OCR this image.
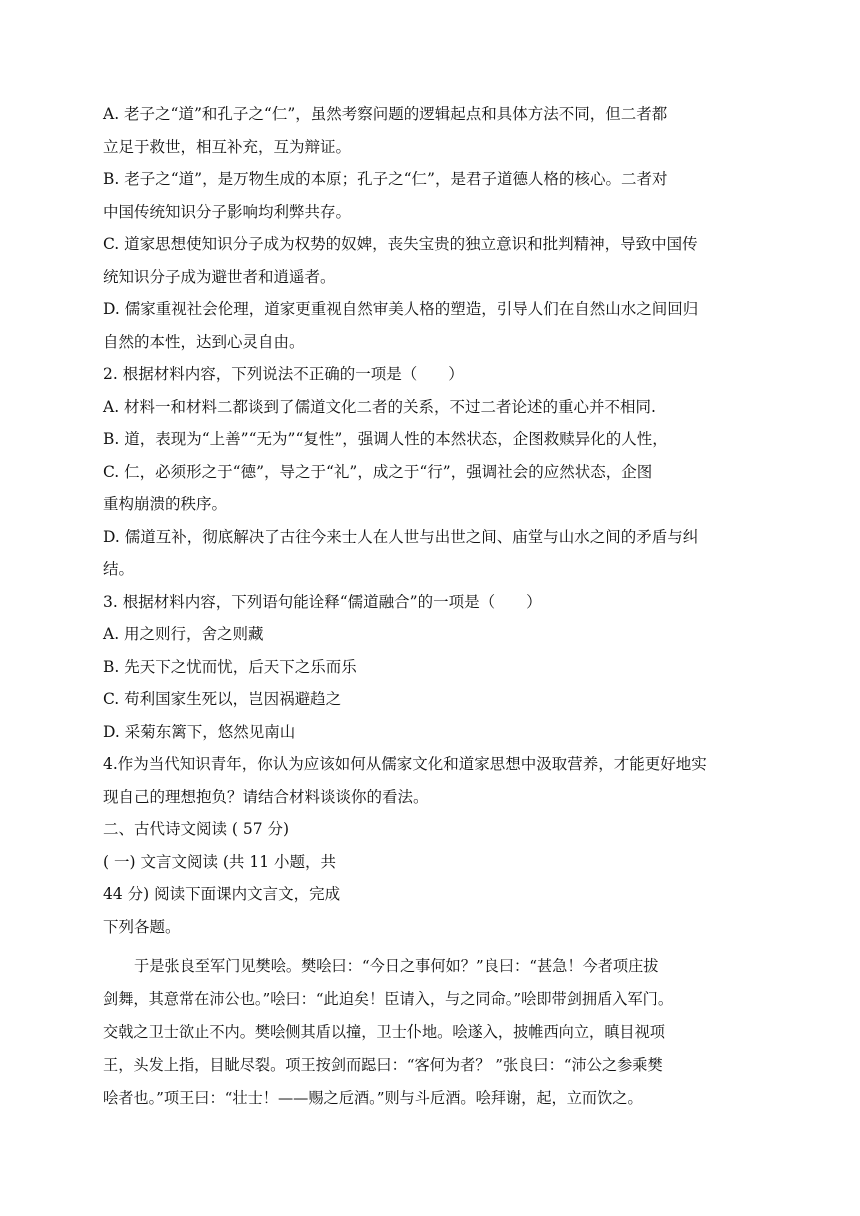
A. 老子之“道”和孔子之“仁”，虽然考察问题的逻辑起点和具体方法不同，但二者都
立足于救世，相互补充，互为辩证。
B. 老子之“道”，是万物生成的本原；孔子之“仁”，是君子道德人格的核心。二者对
中国传统知识分子影响均利弊共存。
C. 道家思想使知识分子成为权势的奴婢，丧失宝贵的独立意识和批判精神，导致中国传
统知识分子成为避世者和逍遥者。
D. 儒家重视社会伦理，道家更重视自然审美人格的塑造，引导人们在自然山水之间回归
自然的本性，达到心灵自由。
2. 根据材料内容，下列说法不正确的一项是（　　）
A. 材料一和材料二都谈到了儒道文化二者的关系，不过二者论述的重心并不相同.
B. 道，表现为“上善”“无为”“复性”，强调人性的本然状态，企图救赎异化的人性，
C. 仁，必须形之于“德”，导之于“礼”，成之于“行”，强调社会的应然状态，企图
重构崩溃的秩序。
D. 儒道互补，彻底解决了古往今来士人在人世与出世之间、庙堂与山水之间的矛盾与纠
结。
3. 根据材料内容，下列语句能诠释“儒道融合”的一项是（　　）
A. 用之则行，舍之则藏
B. 先天下之忧而忧，后天下之乐而乐
C. 苟利国家生死以，岂因祸避趋之
D. 采菊东篱下，悠然见南山
4.作为当代知识青年，你认为应该如何从儒家文化和道家思想中汲取营养，才能更好地实
现自己的理想抱负？请结合材料谈谈你的看法。
二、古代诗文阅读 ( 57 分)
( 一) 文言文阅读 (共 11 小题，共
44 分) 阅读下面课内文言文，完成
下列各题。
于是张良至军门见樊哙。樊哙曰：“今日之事何如？”良曰：“甚急！今者项庄拔
剑舞，其意常在沛公也。”哙曰：“此迫矣！臣请入，与之同命。”哙即带剑拥盾入军门。
交戟之卫士欲止不内。樊哙侧其盾以撞，卫士仆地。哙遂入，披帷西向立，瞋目视项
王，头发上指，目眦尽裂。项王按剑而跽曰：“客何为者？ ”张良曰：“沛公之参乘樊
哙者也。”项王曰：“壮士！——赐之卮酒。”则与斗卮酒。哙拜谢，起，立而饮之。
